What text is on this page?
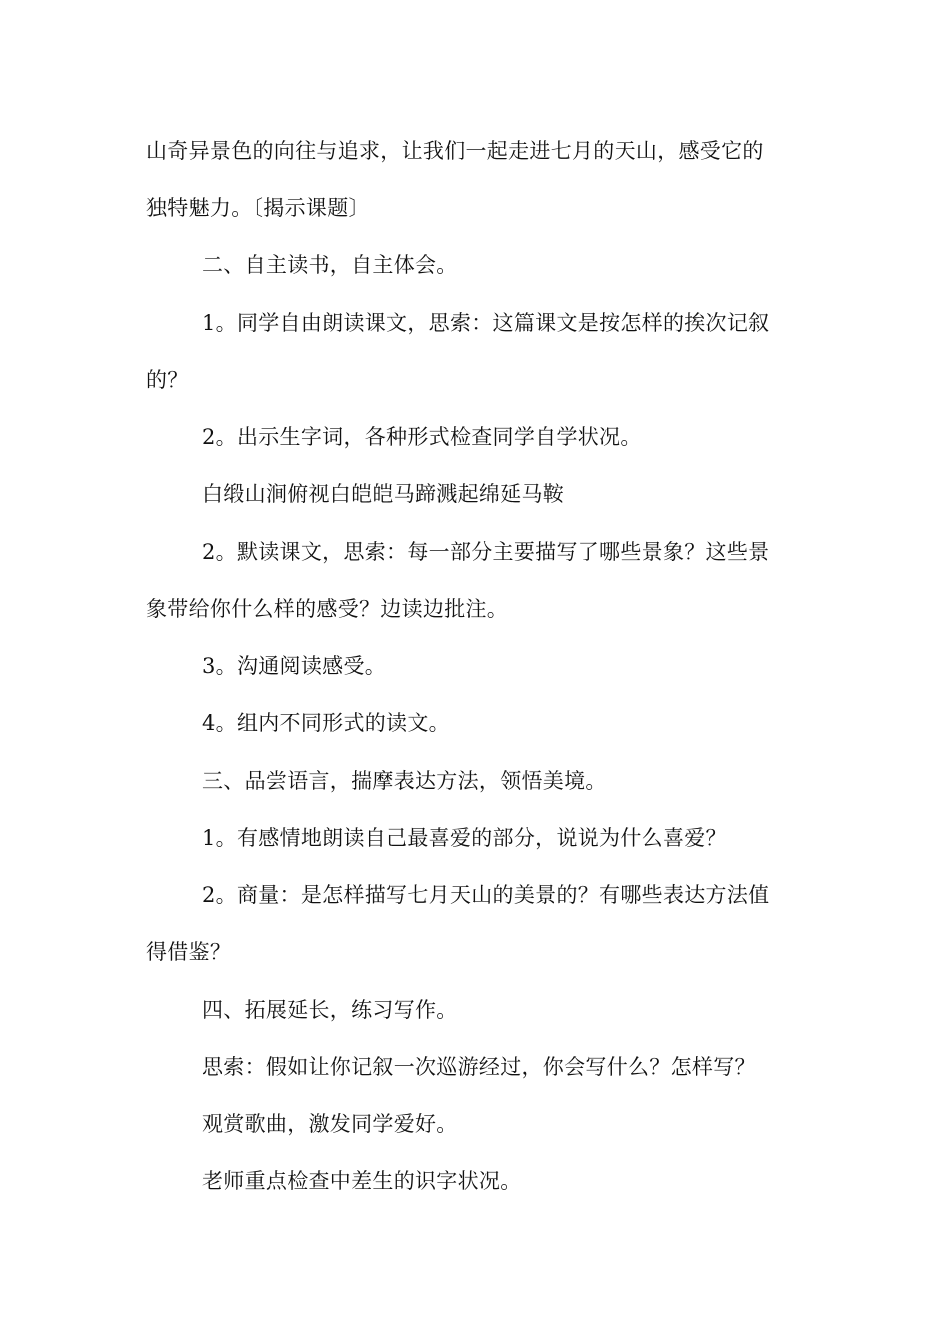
山奇异景色的向往与追求，让我们一起走进七月的天山，感受它的
独特魅力。〔揭示课题〕
二、自主读书，自主体会。
1。同学自由朗读课文，思索：这篇课文是按怎样的挨次记叙
的？
2。出示生字词，各种形式检查同学自学状况。
白缎山涧俯视白皑皑马蹄溅起绵延马鞍
2。默读课文，思索：每一部分主要描写了哪些景象？这些景
象带给你什么样的感受？边读边批注。
3。沟通阅读感受。
4。组内不同形式的读文。
三、品尝语言，揣摩表达方法，领悟美境。
1。有感情地朗读自己最喜爱的部分，说说为什么喜爱？
2。商量：是怎样描写七月天山的美景的？有哪些表达方法值
得借鉴？
四、拓展延长，练习写作。
思索：假如让你记叙一次巡游经过，你会写什么？怎样写？
观赏歌曲，激发同学爱好。
老师重点检查中差生的识字状况。
